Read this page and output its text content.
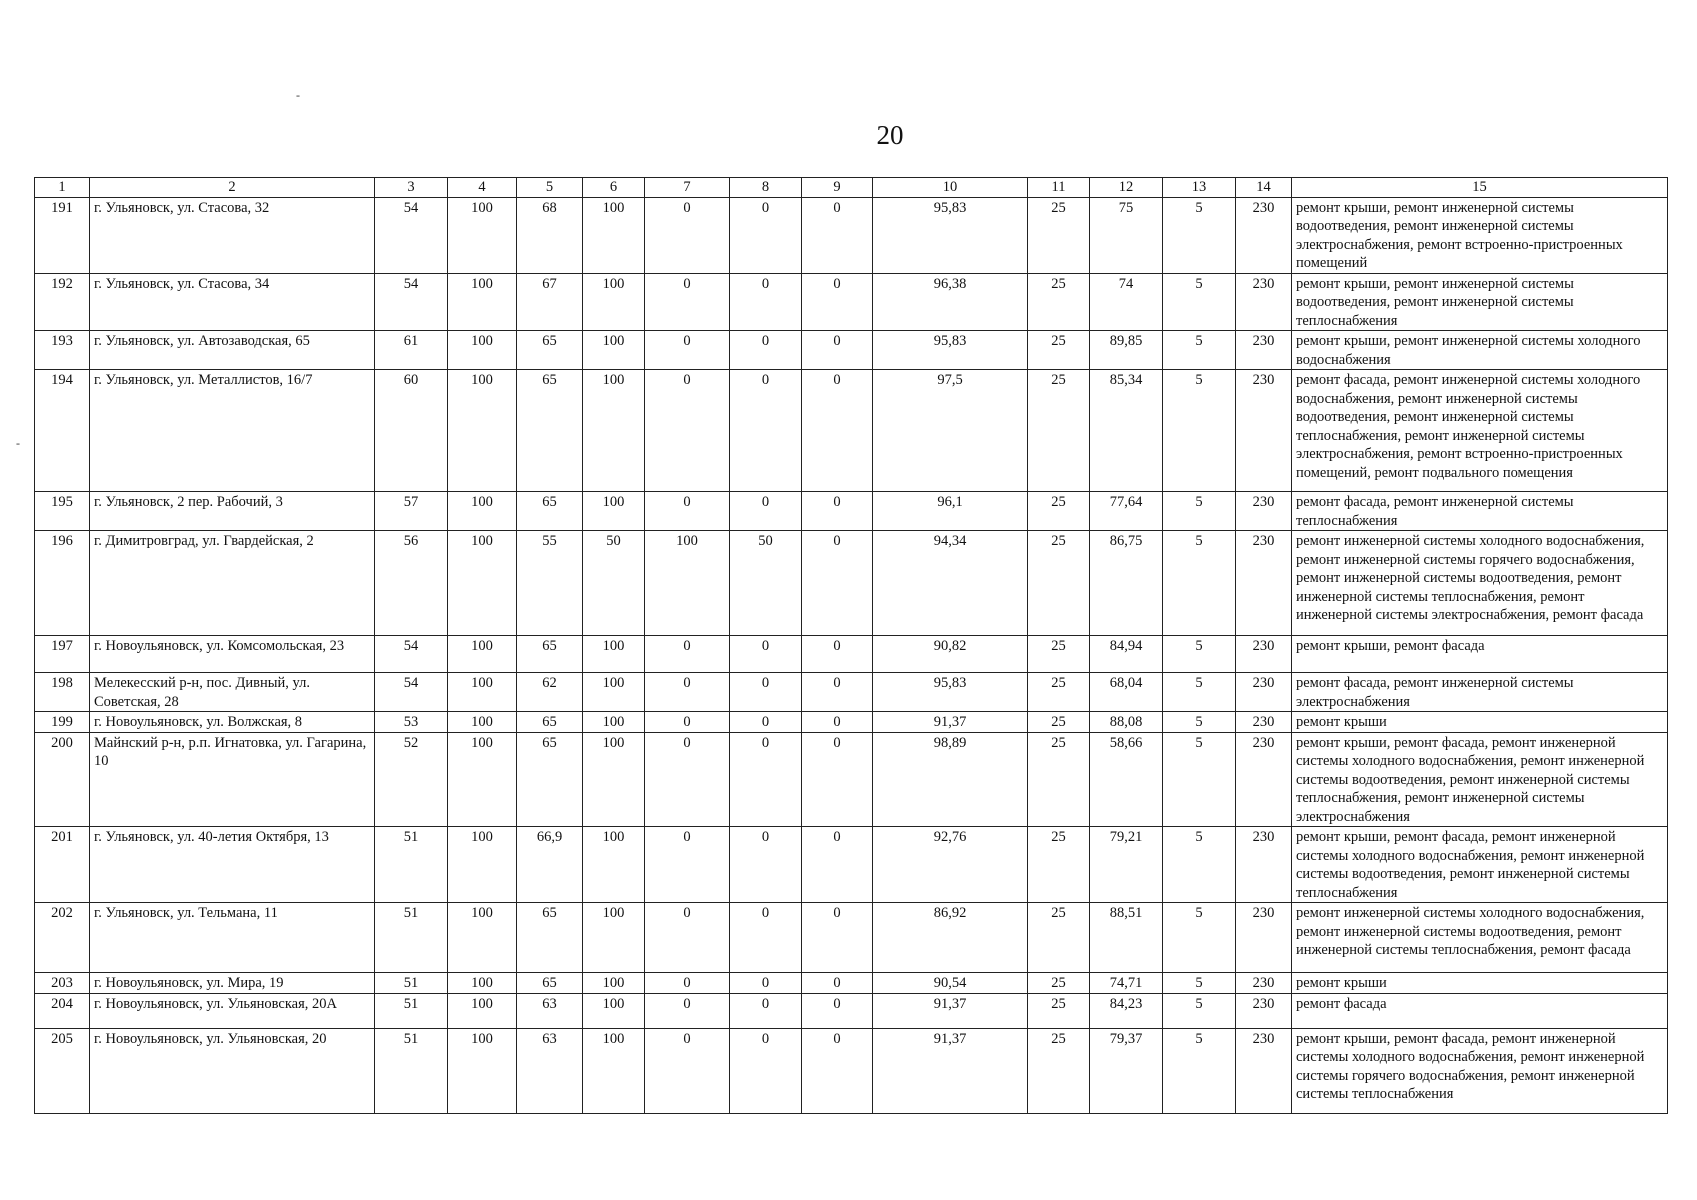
20
-
-
1	2	3	4	5	6	7	8	9	10	11	12	13	14	15
191	г. Ульяновск, ул. Стасова, 32	54	100	68	100	0	0	0	95,83	25	75	5	230	ремонт крыши, ремонт инженерной системы водоотведения, ремонт инженерной системы электроснабжения, ремонт встроенно-пристроенных помещений
192	г. Ульяновск, ул. Стасова, 34	54	100	67	100	0	0	0	96,38	25	74	5	230	ремонт крыши, ремонт инженерной системы водоотведения, ремонт инженерной системы теплоснабжения
193	г. Ульяновск, ул. Автозаводская, 65	61	100	65	100	0	0	0	95,83	25	89,85	5	230	ремонт крыши, ремонт инженерной системы холодного водоснабжения
194	г. Ульяновск, ул. Металлистов, 16/7	60	100	65	100	0	0	0	97,5	25	85,34	5	230	ремонт фасада, ремонт инженерной системы холодного водоснабжения, ремонт инженерной системы водоотведения, ремонт инженерной системы теплоснабжения, ремонт инженерной системы электроснабжения, ремонт встроенно-пристроенных помещений, ремонт подвального помещения
195	г. Ульяновск, 2 пер. Рабочий, 3	57	100	65	100	0	0	0	96,1	25	77,64	5	230	ремонт фасада, ремонт инженерной системы теплоснабжения
196	г. Димитровград, ул. Гвардейская, 2	56	100	55	50	100	50	0	94,34	25	86,75	5	230	ремонт инженерной системы холодного водоснабжения, ремонт инженерной системы горячего водоснабжения, ремонт инженерной системы водоотведения, ремонт инженерной системы теплоснабжения, ремонт инженерной системы электроснабжения, ремонт фасада
197	г. Новоульяновск, ул. Комсомольская, 23	54	100	65	100	0	0	0	90,82	25	84,94	5	230	ремонт крыши, ремонт фасада
198	Мелекесский р-н, пос. Дивный, ул. Советская, 28	54	100	62	100	0	0	0	95,83	25	68,04	5	230	ремонт фасада, ремонт инженерной системы электроснабжения
199	г. Новоульяновск, ул. Волжская, 8	53	100	65	100	0	0	0	91,37	25	88,08	5	230	ремонт крыши
200	Майнский р-н, р.п. Игнатовка, ул. Гагарина, 10	52	100	65	100	0	0	0	98,89	25	58,66	5	230	ремонт крыши, ремонт фасада, ремонт инженерной системы холодного водоснабжения, ремонт инженерной системы водоотведения, ремонт инженерной системы теплоснабжения, ремонт инженерной системы электроснабжения
201	г. Ульяновск, ул. 40-летия Октября, 13	51	100	66,9	100	0	0	0	92,76	25	79,21	5	230	ремонт крыши, ремонт фасада, ремонт инженерной системы холодного водоснабжения, ремонт инженерной системы водоотведения, ремонт инженерной системы теплоснабжения
202	г. Ульяновск, ул. Тельмана, 11	51	100	65	100	0	0	0	86,92	25	88,51	5	230	ремонт инженерной системы холодного водоснабжения, ремонт инженерной системы водоотведения, ремонт инженерной системы теплоснабжения, ремонт фасада
203	г. Новоульяновск, ул. Мира, 19	51	100	65	100	0	0	0	90,54	25	74,71	5	230	ремонт крыши
204	г. Новоульяновск, ул. Ульяновская, 20А	51	100	63	100	0	0	0	91,37	25	84,23	5	230	ремонт фасада
205	г. Новоульяновск, ул. Ульяновская, 20	51	100	63	100	0	0	0	91,37	25	79,37	5	230	ремонт крыши, ремонт фасада, ремонт инженерной системы холодного водоснабжения, ремонт инженерной системы горячего водоснабжения, ремонт инженерной системы теплоснабжения
